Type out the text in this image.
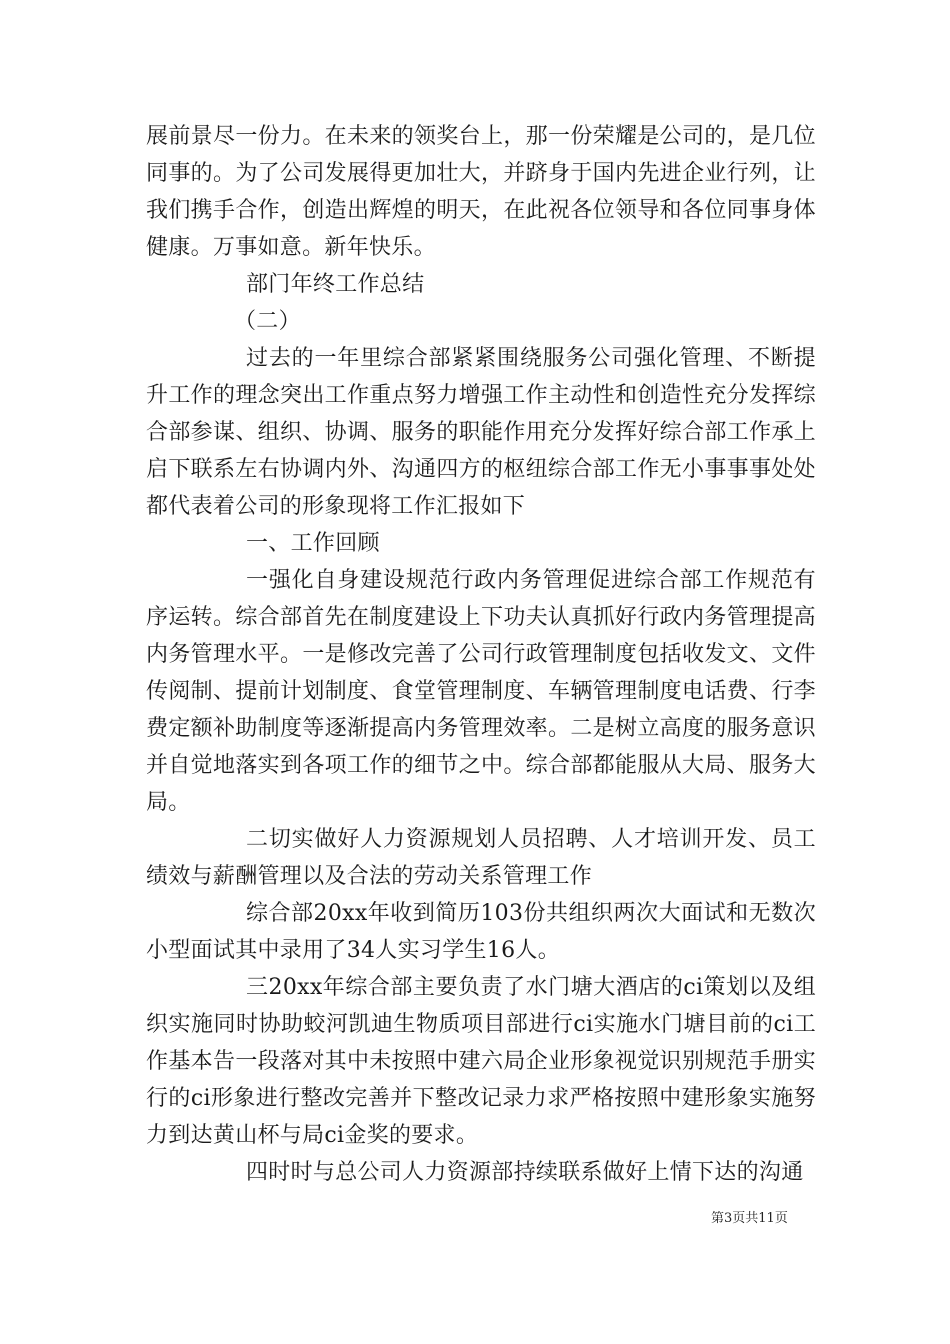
展前景尽一份力。在未来的领奖台上，那一份荣耀是公司的，是几位同事的。为了公司发展得更加壮大，并跻身于国内先进企业行列，让我们携手合作，创造出辉煌的明天，在此祝各位领导和各位同事身体健康。万事如意。新年快乐。

部门年终工作总结

（二）

过去的一年里综合部紧紧围绕服务公司强化管理、不断提升工作的理念突出工作重点努力增强工作主动性和创造性充分发挥综合部参谋、组织、协调、服务的职能作用充分发挥好综合部工作承上启下联系左右协调内外、沟通四方的枢纽综合部工作无小事事事处处都代表着公司的形象现将工作汇报如下

一、工作回顾

一强化自身建设规范行政内务管理促进综合部工作规范有序运转。综合部首先在制度建设上下功夫认真抓好行政内务管理提高内务管理水平。一是修改完善了公司行政管理制度包括收发文、文件传阅制、提前计划制度、食堂管理制度、车辆管理制度电话费、行李费定额补助制度等逐渐提高内务管理效率。二是树立高度的服务意识并自觉地落实到各项工作的细节之中。综合部都能服从大局、服务大局。

二切实做好人力资源规划人员招聘、人才培训开发、员工绩效与薪酬管理以及合法的劳动关系管理工作

综合部20xx年收到简历103份共组织两次大面试和无数次小型面试其中录用了34人实习学生16人。

三20xx年综合部主要负责了水门塘大酒店的ci策划以及组织实施同时协助蛟河凯迪生物质项目部进行ci实施水门塘目前的ci工作基本告一段落对其中未按照中建六局企业形象视觉识别规范手册实行的ci形象进行整改完善并下整改记录力求严格按照中建形象实施努力到达黄山杯与局ci金奖的要求。

四时时与总公司人力资源部持续联系做好上情下达的沟通

第3页共11页
